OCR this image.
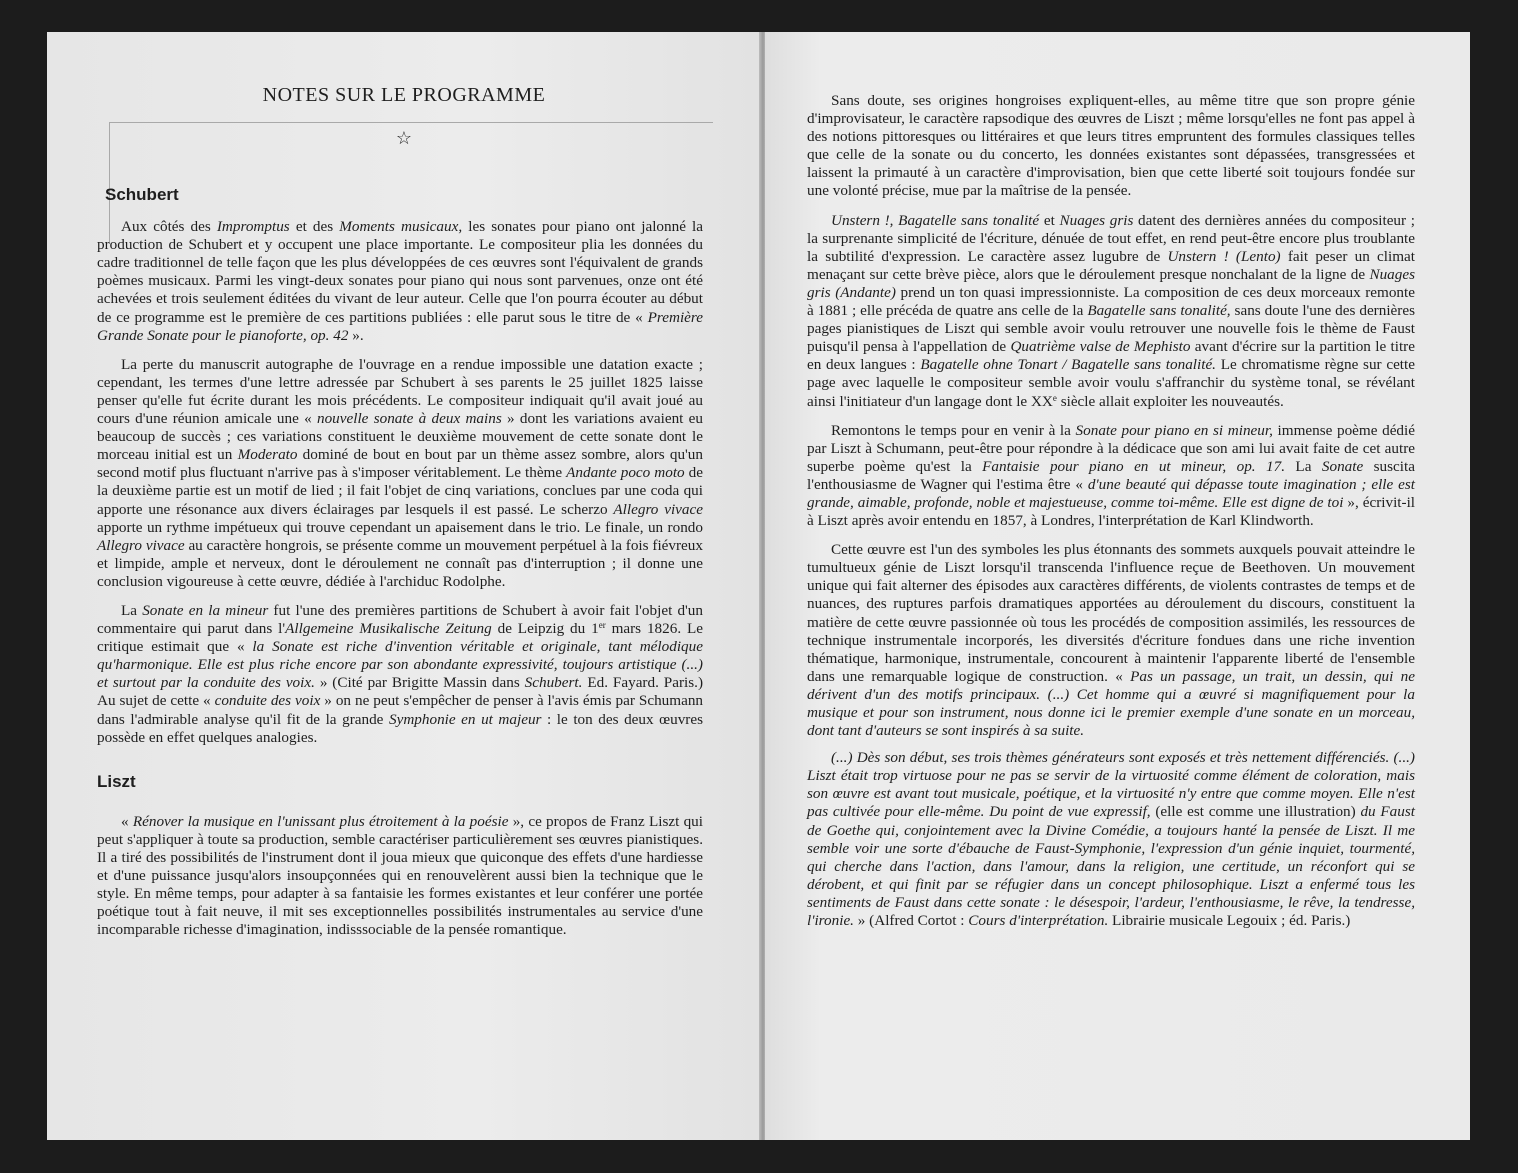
NOTES SUR LE PROGRAMME
☆
Schubert

Aux côtés des Impromptus et des Moments musicaux, les sonates pour piano ont jalonné la production de Schubert et y occupent une place importante. Le compositeur plia les données du cadre traditionnel de telle façon que les plus développées de ces œuvres sont l'équivalent de grands poèmes musicaux. Parmi les vingt-deux sonates pour piano qui nous sont parvenues, onze ont été achevées et trois seulement éditées du vivant de leur auteur. Celle que l'on pourra écouter au début de ce programme est le première de ces partitions publiées : elle parut sous le titre de « Première Grande Sonate pour le pianoforte, op. 42 ».

La perte du manuscrit autographe de l'ouvrage en a rendue impossible une datation exacte ; cependant, les termes d'une lettre adressée par Schubert à ses parents le 25 juillet 1825 laisse penser qu'elle fut écrite durant les mois précédents. Le compositeur indiquait qu'il avait joué au cours d'une réunion amicale une « nouvelle sonate à deux mains » dont les variations avaient eu beaucoup de succès ; ces variations constituent le deuxième mouvement de cette sonate dont le morceau initial est un Moderato dominé de bout en bout par un thème assez sombre, alors qu'un second motif plus fluctuant n'arrive pas à s'imposer véritablement. Le thème Andante poco moto de la deuxième partie est un motif de lied ; il fait l'objet de cinq variations, conclues par une coda qui apporte une résonance aux divers éclairages par lesquels il est passé. Le scherzo Allegro vivace apporte un rythme impétueux qui trouve cependant un apaisement dans le trio. Le finale, un rondo Allegro vivace au caractère hongrois, se présente comme un mouvement perpétuel à la fois fiévreux et limpide, ample et nerveux, dont le déroulement ne connaît pas d'interruption ; il donne une conclusion vigoureuse à cette œuvre, dédiée à l'archiduc Rodolphe.

La Sonate en la mineur fut l'une des premières partitions de Schubert à avoir fait l'objet d'un commentaire qui parut dans l'Allgemeine Musikalische Zeitung de Leipzig du 1er mars 1826. Le critique estimait que « la Sonate est riche d'invention véritable et originale, tant mélodique qu'harmonique. Elle est plus riche encore par son abondante expressivité, toujours artistique (...) et surtout par la conduite des voix. » (Cité par Brigitte Massin dans Schubert. Ed. Fayard. Paris.) Au sujet de cette « conduite des voix » on ne peut s'empêcher de penser à l'avis émis par Schumann dans l'admirable analyse qu'il fit de la grande Symphonie en ut majeur : le ton des deux œuvres possède en effet quelques analogies.

Liszt

« Rénover la musique en l'unissant plus étroitement à la poésie », ce propos de Franz Liszt qui peut s'appliquer à toute sa production, semble caractériser particulièrement ses œuvres pianistiques. Il a tiré des possibilités de l'instrument dont il joua mieux que quiconque des effets d'une hardiesse et d'une puissance jusqu'alors insoupçonnées qui en renouvelèrent aussi bien la technique que le style. En même temps, pour adapter à sa fantaisie les formes existantes et leur conférer une portée poétique tout à fait neuve, il mit ses exceptionnelles possibilités instrumentales au service d'une incomparable richesse d'imagination, indisssociable de la pensée romantique.

Sans doute, ses origines hongroises expliquent-elles, au même titre que son propre génie d'improvisateur, le caractère rapsodique des œuvres de Liszt ; même lorsqu'elles ne font pas appel à des notions pittoresques ou littéraires et que leurs titres empruntent des formules classiques telles que celle de la sonate ou du concerto, les données existantes sont dépassées, transgressées et laissent la primauté à un caractère d'improvisation, bien que cette liberté soit toujours fondée sur une volonté précise, mue par la maîtrise de la pensée.

Unstern !, Bagatelle sans tonalité et Nuages gris datent des dernières années du compositeur ; la surprenante simplicité de l'écriture, dénuée de tout effet, en rend peut-être encore plus troublante la subtilité d'expression. Le caractère assez lugubre de Unstern ! (Lento) fait peser un climat menaçant sur cette brève pièce, alors que le déroulement presque nonchalant de la ligne de Nuages gris (Andante) prend un ton quasi impressionniste. La composition de ces deux morceaux remonte à 1881 ; elle précéda de quatre ans celle de la Bagatelle sans tonalité, sans doute l'une des dernières pages pianistiques de Liszt qui semble avoir voulu retrouver une nouvelle fois le thème de Faust puisqu'il pensa à l'appellation de Quatrième valse de Mephisto avant d'écrire sur la partition le titre en deux langues : Bagatelle ohne Tonart / Bagatelle sans tonalité. Le chromatisme règne sur cette page avec laquelle le compositeur semble avoir voulu s'affranchir du système tonal, se révélant ainsi l'initiateur d'un langage dont le XXe siècle allait exploiter les nouveautés.

Remontons le temps pour en venir à la Sonate pour piano en si mineur, immense poème dédié par Liszt à Schumann, peut-être pour répondre à la dédicace que son ami lui avait faite de cet autre superbe poème qu'est la Fantaisie pour piano en ut mineur, op. 17. La Sonate suscita l'enthousiasme de Wagner qui l'estima être « d'une beauté qui dépasse toute imagination ; elle est grande, aimable, profonde, noble et majestueuse, comme toi-même. Elle est digne de toi », écrivit-il à Liszt après avoir entendu en 1857, à Londres, l'interprétation de Karl Klindworth.

Cette œuvre est l'un des symboles les plus étonnants des sommets auxquels pouvait atteindre le tumultueux génie de Liszt lorsqu'il transcenda l'influence reçue de Beethoven. Un mouvement unique qui fait alterner des épisodes aux caractères différents, de violents contrastes de temps et de nuances, des ruptures parfois dramatiques apportées au déroulement du discours, constituent la matière de cette œuvre passionnée où tous les procédés de composition assimilés, les ressources de technique instrumentale incorporés, les diversités d'écriture fondues dans une riche invention thématique, harmonique, instrumentale, concourent à maintenir l'apparente liberté de l'ensemble dans une remarquable logique de construction. « Pas un passage, un trait, un dessin, qui ne dérivent d'un des motifs principaux. (...) Cet homme qui a œuvré si magnifiquement pour la musique et pour son instrument, nous donne ici le premier exemple d'une sonate en un morceau, dont tant d'auteurs se sont inspirés à sa suite.

(...) Dès son début, ses trois thèmes générateurs sont exposés et très nettement différenciés. (...) Liszt était trop virtuose pour ne pas se servir de la virtuosité comme élément de coloration, mais son œuvre est avant tout musicale, poétique, et la virtuosité n'y entre que comme moyen. Elle n'est pas cultivée pour elle-même. Du point de vue expressif, (elle est comme une illustration) du Faust de Goethe qui, conjointement avec la Divine Comédie, a toujours hanté la pensée de Liszt. Il me semble voir une sorte d'ébauche de Faust-Symphonie, l'expression d'un génie inquiet, tourmenté, qui cherche dans l'action, dans l'amour, dans la religion, une certitude, un réconfort qui se dérobent, et qui finit par se réfugier dans un concept philosophique. Liszt a enfermé tous les sentiments de Faust dans cette sonate : le désespoir, l'ardeur, l'enthousiasme, le rêve, la tendresse, l'ironie. » (Alfred Cortot : Cours d'interprétation. Librairie musicale Legouix ; éd. Paris.)
